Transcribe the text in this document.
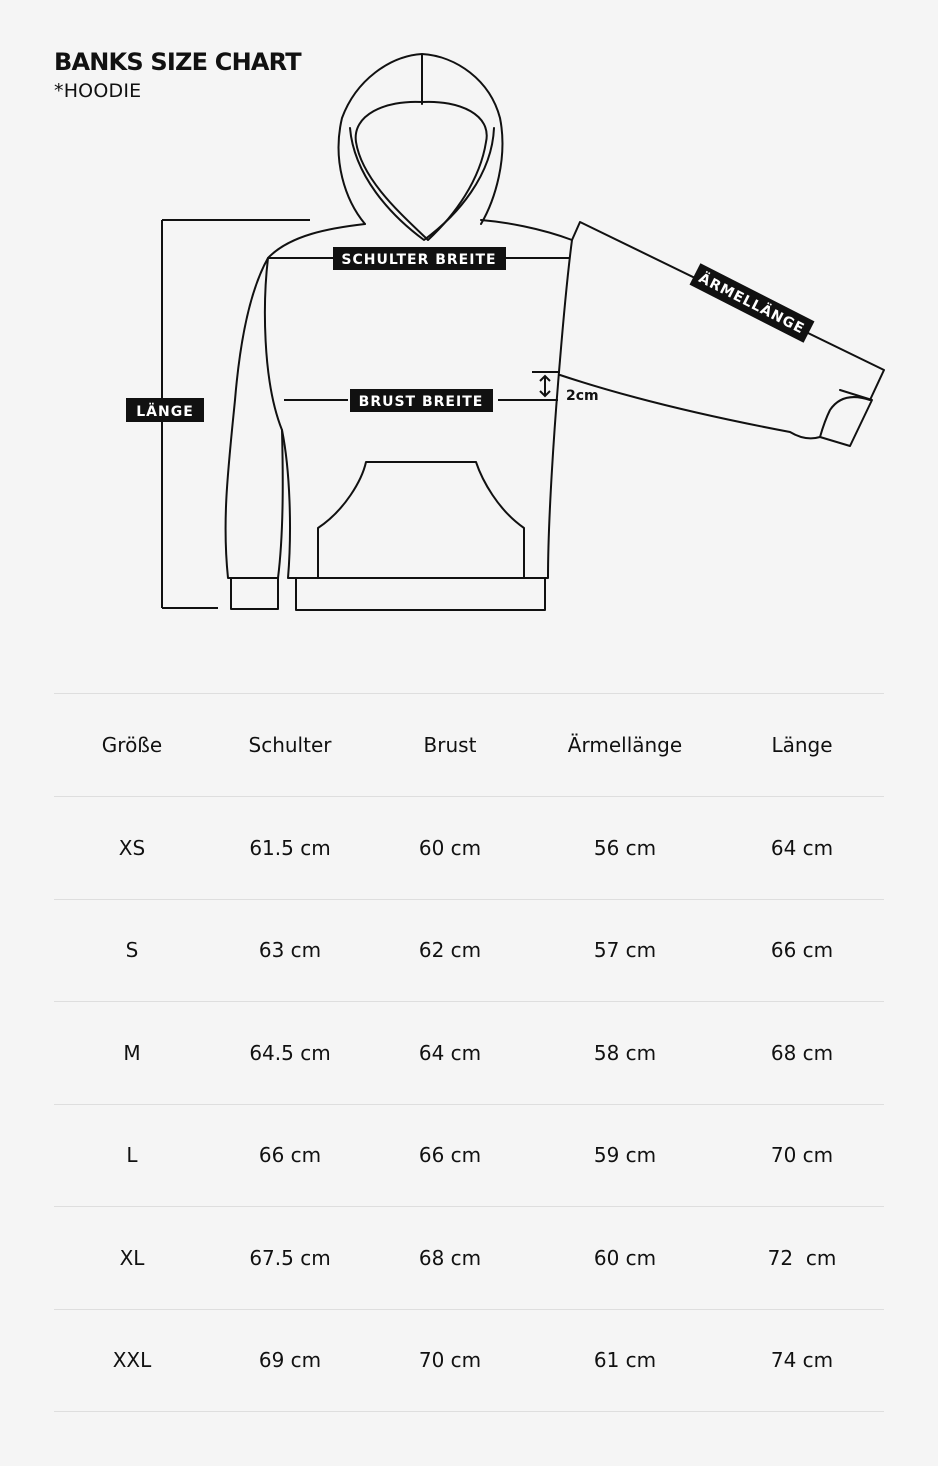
BANKS SIZE CHART
*HOODIE
SCHULTER BREITE
BRUST BREITE
LÄNGE
ÄRMELLÄNGE
2cm
Größe	Schulter	Brust	Ärmellänge	Länge
XS	61.5 cm	60 cm	56 cm	64 cm
S	63 cm	62 cm	57 cm	66 cm
M	64.5 cm	64 cm	58 cm	68 cm
L	66 cm	66 cm	59 cm	70 cm
XL	67.5 cm	68 cm	60 cm	72  cm
XXL	69 cm	70 cm	61 cm	74 cm
